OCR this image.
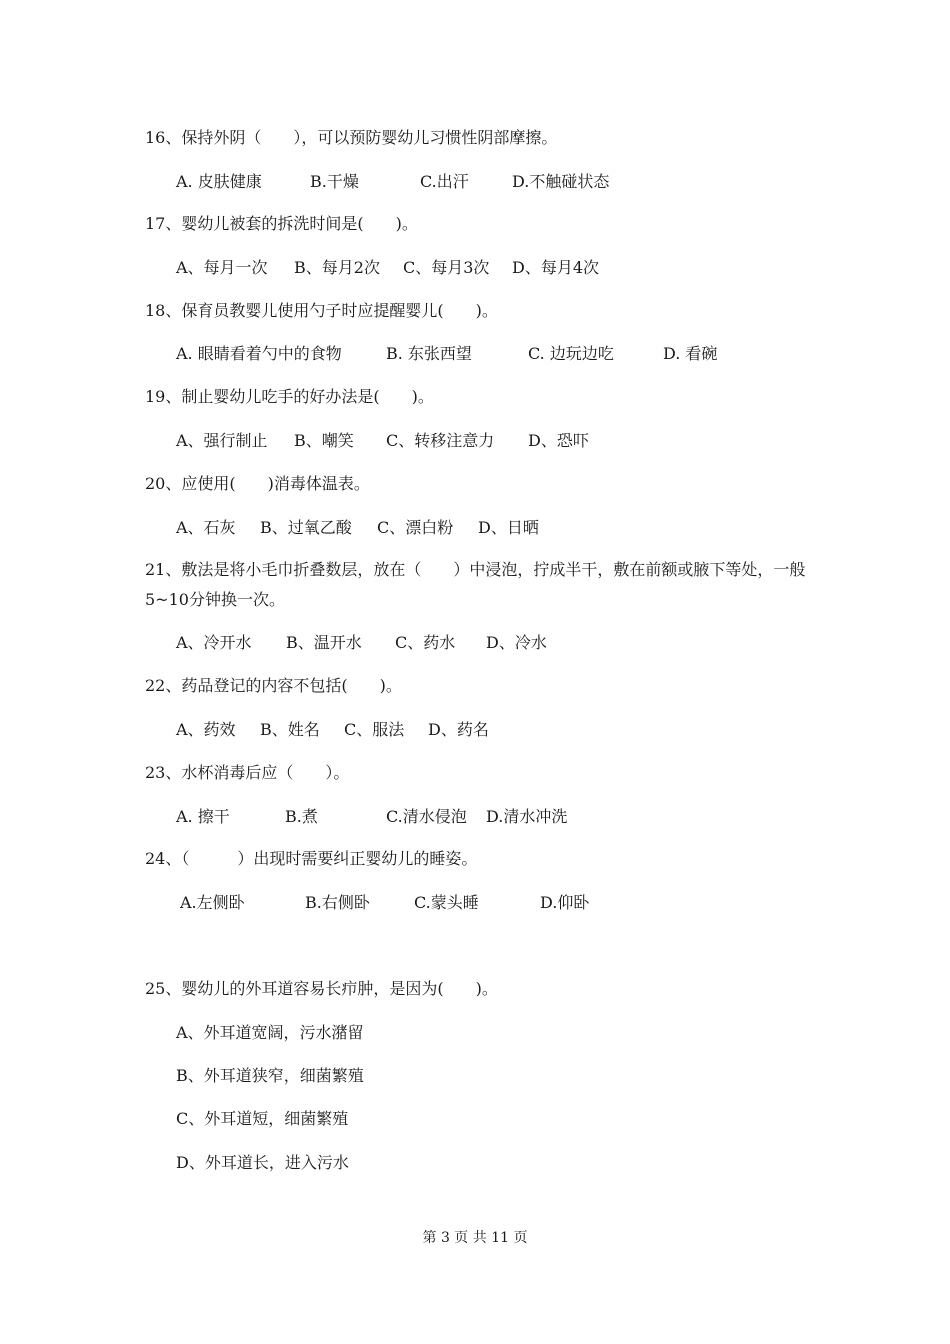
16、保持外阴（　　），可以预防婴幼儿习惯性阴部摩擦。
A. 皮肤健康	B.干燥	C.出汗	D.不触碰状态
17、婴幼儿被套的拆洗时间是(　　)。
A、每月一次 B、每月2次 C、每月3次 D、每月4次
18、保育员教婴儿使用勺子时应提醒婴儿(　　)。
A. 眼睛看着勺中的食物	B. 东张西望	C. 边玩边吃	D. 看碗
19、制止婴幼儿吃手的好办法是(　　)。
A、强行制止 B、嘲笑 C、转移注意力 D、恐吓
20、应使用(　　)消毒体温表。
A、石灰 B、过氧乙酸 C、漂白粉 D、日晒
21、敷法是将小毛巾折叠数层，放在（　　）中浸泡，拧成半干，敷在前额或腋下等处，一般5~10分钟换一次。
A、冷开水 B、温开水 C、药水 D、冷水
22、药品登记的内容不包括(　　)。
A、药效 B、姓名 C、服法 D、药名
23、水杯消毒后应（　　）。
A. 擦干	B.煮	C.清水侵泡 D.清水冲洗
24、（　　　）出现时需要纠正婴幼儿的睡姿。
A.左侧卧	B.右侧卧	C.蒙头睡	D.仰卧
25、婴幼儿的外耳道容易长疖肿，是因为(　　)。
A、外耳道宽阔，污水潴留
B、外耳道狭窄，细菌繁殖
C、外耳道短，细菌繁殖
D、外耳道长，进入污水
第 3 页 共 11 页
